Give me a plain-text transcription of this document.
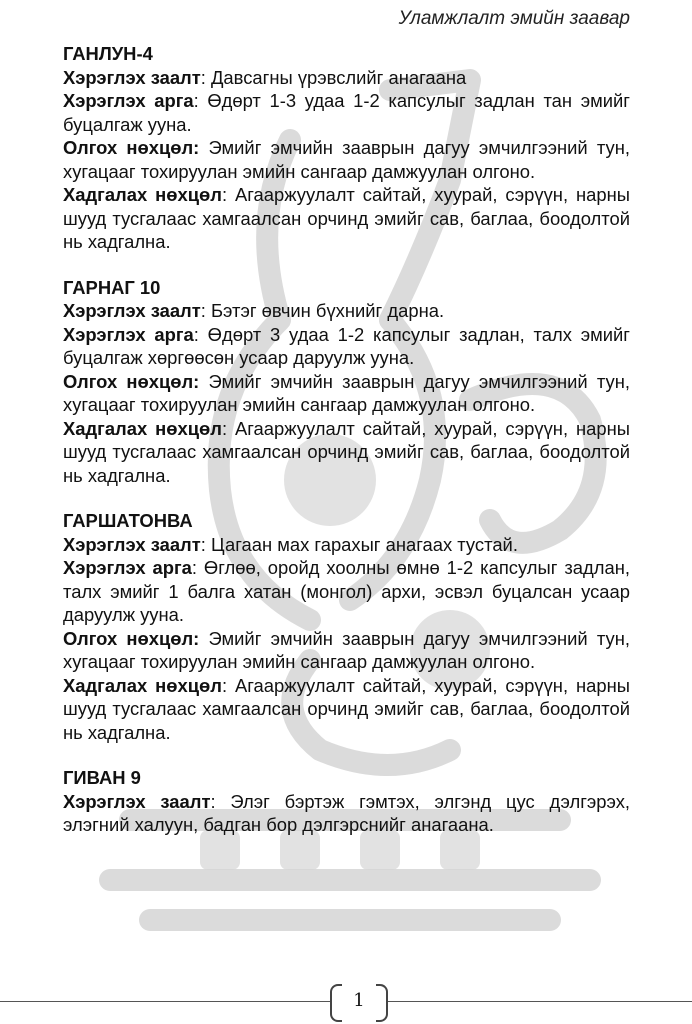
Уламжлалт эмийн заавар
ГАНЛУН-4

Хэрэглэх заалт: Давсагны үрэвслийг анагаана

Хэрэглэх арга: Өдөрт 1-3 удаа 1-2 капсулыг задлан тан эмийг буцалгаж ууна.

Олгох нөхцөл: Эмийг эмчийн зааврын дагуу эмчилгээний тун, хугацааг тохируулан эмийн сангаар дамжуулан олгоно.

Хадгалах нөхцөл: Агааржуулалт сайтай, хуурай, сэрүүн, нарны шууд тусгалаас хамгаалсан орчинд эмийг сав, баглаа, боодолтой нь хадгална.

ГАРНАГ 10

Хэрэглэх заалт: Бэтэг өвчин бүхнийг дарна.

Хэрэглэх арга: Өдөрт 3 удаа 1-2 капсулыг задлан, талх эмийг буцалгаж хөргөөсөн усаар даруулж ууна.

Олгох нөхцөл: Эмийг эмчийн зааврын дагуу эмчилгээний тун, хугацааг тохируулан эмийн сангаар дамжуулан олгоно.

Хадгалах нөхцөл: Агааржуулалт сайтай, хуурай, сэрүүн, нарны шууд тусгалаас хамгаалсан орчинд эмийг сав, баглаа, боодолтой нь хадгална.

ГАРШАТОНВА

Хэрэглэх заалт: Цагаан мах гарахыг анагаах тустай.

Хэрэглэх арга: Өглөө, оройд хоолны өмнө 1-2 капсулыг задлан, талх эмийг 1 балга хатан (монгол) архи, эсвэл буцалсан усаар даруулж ууна.

Олгох нөхцөл: Эмийг эмчийн зааврын дагуу эмчилгээний тун, хугацааг тохируулан эмийн сангаар дамжуулан олгоно.

Хадгалах нөхцөл: Агааржуулалт сайтай, хуурай, сэрүүн, нарны шууд тусгалаас хамгаалсан орчинд эмийг сав, баглаа, боодолтой нь хадгална.

ГИВАН 9

Хэрэглэх заалт: Элэг бэртэж гэмтэх, элгэнд цус дэлгэрэх, элэгний халуун, бадган бор дэлгэрснийг анагаана.

1
